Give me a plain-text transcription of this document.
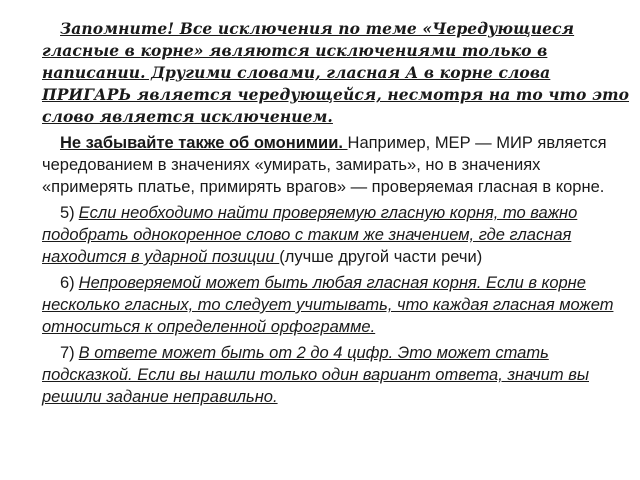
Запомните! Все исключения по теме «Чередующиеся гласные в корне» являются исключениями только в написании. Другими словами, гласная А в корне слова ПРИГАРЬ является чередующейся, несмотря на то что это слово является исключением.

Не забывайте также об омонимии. Например, МЕР — МИР является чередованием в значениях «умирать, замирать», но в значениях «примерять платье, примирять врагов» — проверяемая гласная в корне.

5) Если необходимо найти проверяемую гласную корня, то важно подобрать однокоренное слово с таким же значением, где гласная находится в ударной позиции (лучше другой части речи)

6) Непроверяемой может быть любая гласная корня. Если в корне несколько гласных, то следует учитывать, что каждая гласная может относиться к определенной орфограмме.

7) В ответе может быть от 2 до 4 цифр. Это может стать подсказкой. Если вы нашли только один вариант ответа, значит вы решили задание неправильно.
